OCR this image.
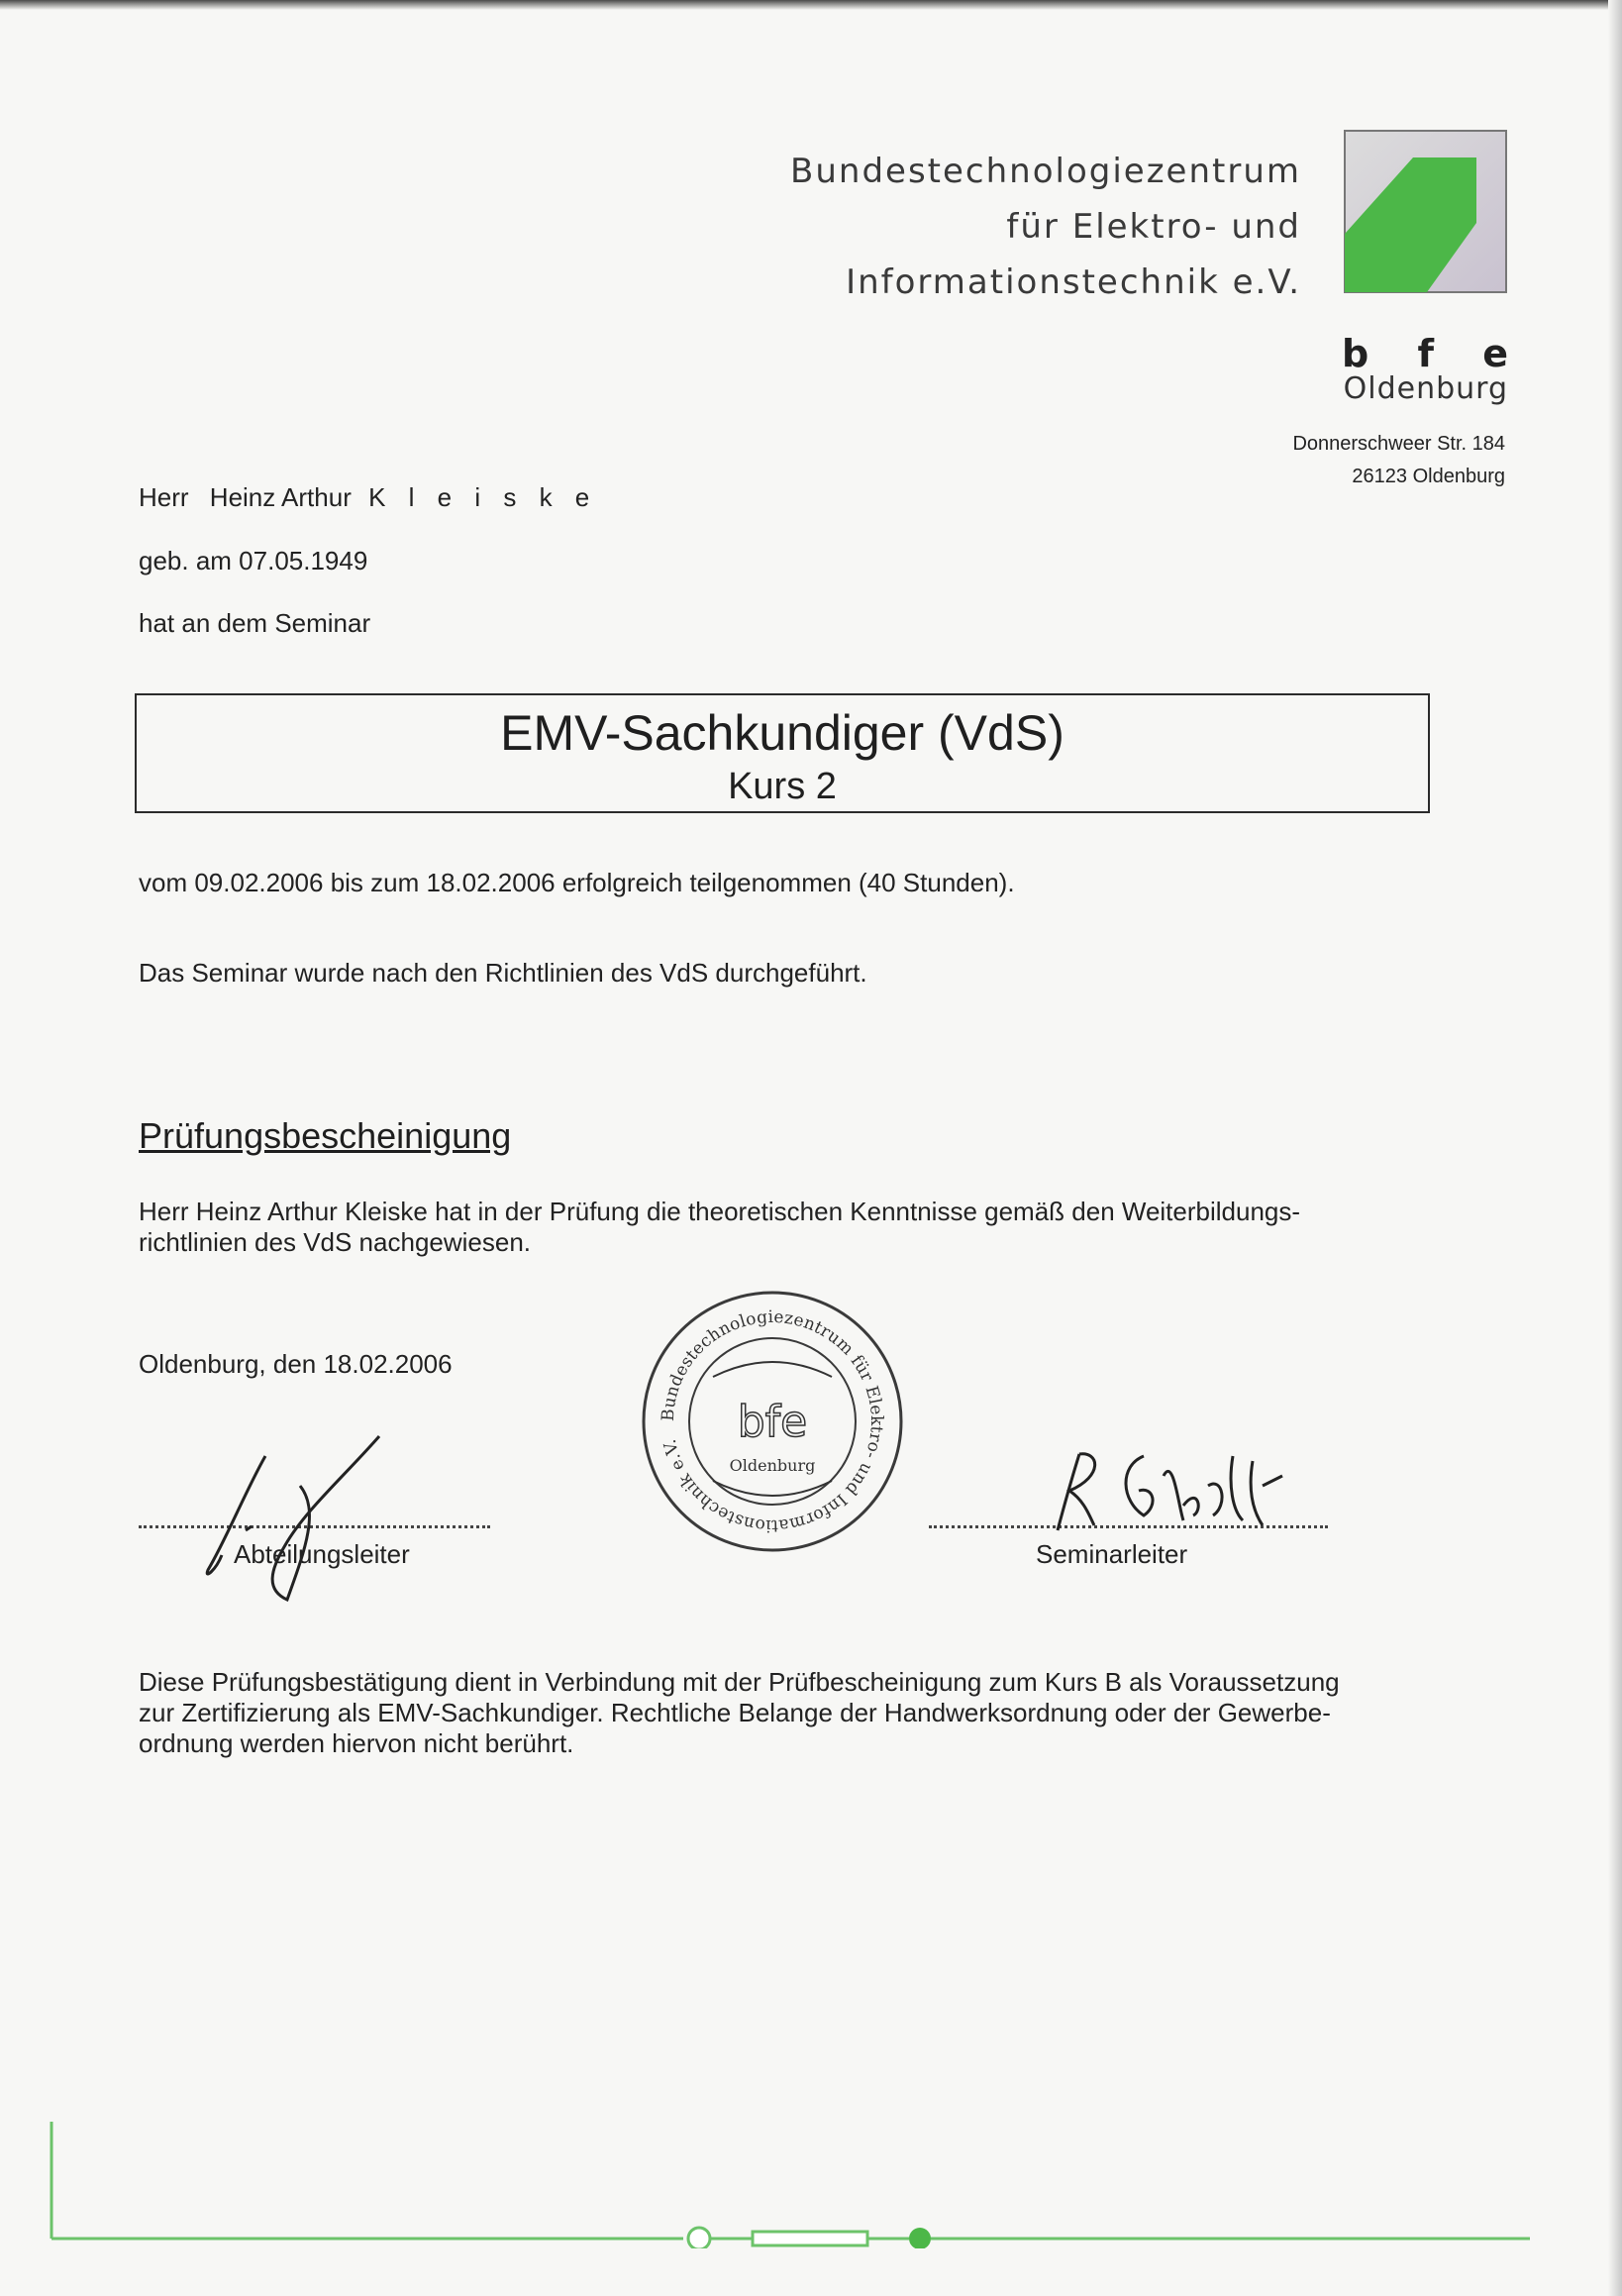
Bundestechnologiezentrum
für Elektro- und
Informationstechnik e.V.
b f e
Oldenburg
Donnerschweer Str. 184
26123 Oldenburg
Herr Heinz Arthur K l e i s k e
geb. am 07.05.1949
hat an dem Seminar
EMV-Sachkundiger (VdS)
Kurs 2
vom 09.02.2006 bis zum 18.02.2006 erfolgreich teilgenommen (40 Stunden).
Das Seminar wurde nach den Richtlinien des VdS durchgeführt.
Prüfungsbescheinigung
Herr Heinz Arthur Kleiske hat in der Prüfung die theoretischen Kenntnisse gemäß den Weiterbildungs-
richtlinien des VdS nachgewiesen.
Oldenburg, den 18.02.2006
Bundestechnologiezentrum für Elektro- und Informationstechnik e.V.	bfe
Oldenburg
Abteilungsleiter	Seminarleiter
Diese Prüfungsbestätigung dient in Verbindung mit der Prüfbescheinigung zum Kurs B als Voraussetzung
zur Zertifizierung als EMV-Sachkundiger. Rechtliche Belange der Handwerksordnung oder der Gewerbe-
ordnung werden hiervon nicht berührt.
